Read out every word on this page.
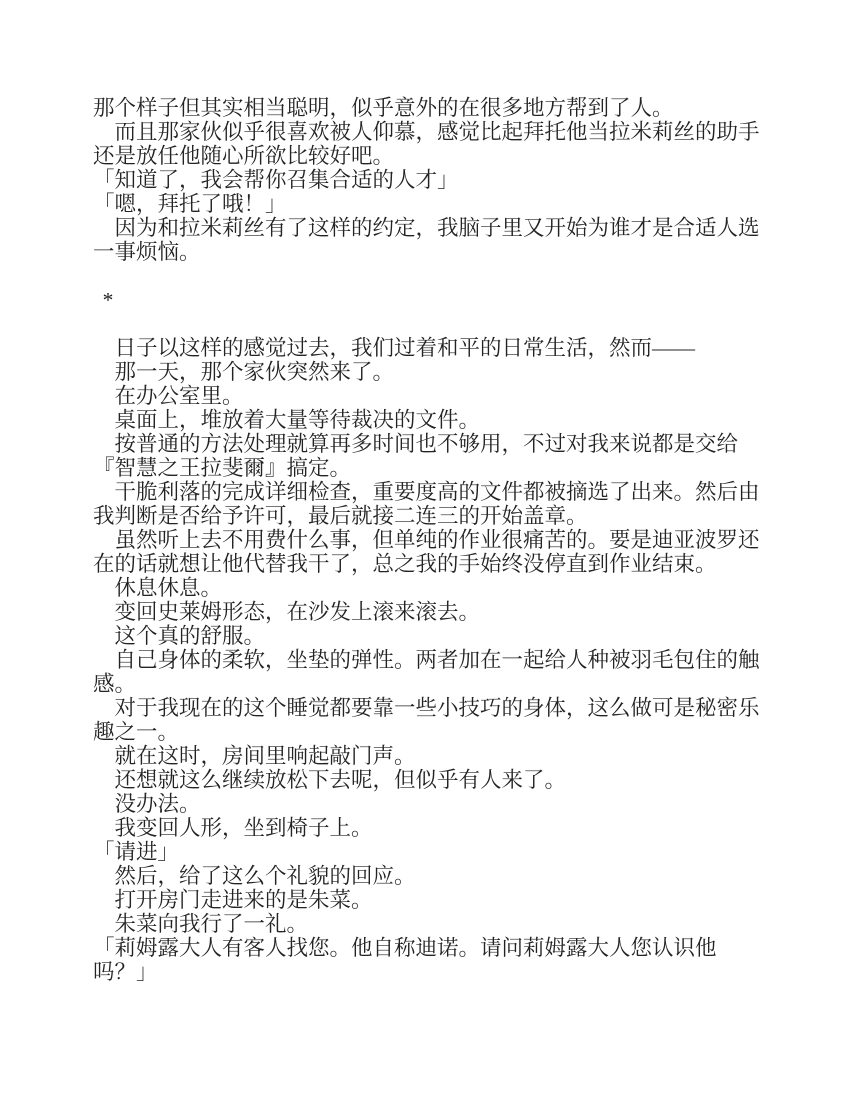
那个样子但其实相当聪明，似乎意外的在很多地方帮到了人。
而且那家伙似乎很喜欢被人仰慕，感觉比起拜托他当拉米莉丝的助手
还是放任他随心所欲比较好吧。
「知道了，我会帮你召集合适的人才」
「嗯，拜托了哦！」
因为和拉米莉丝有了这样的约定，我脑子里又开始为谁才是合适人选
一事烦恼。
*
日子以这样的感觉过去，我们过着和平的日常生活，然而——
那一天，那个家伙突然来了。
在办公室里。
桌面上，堆放着大量等待裁决的文件。
按普通的方法处理就算再多时间也不够用，不过对我来说都是交给
『智慧之王拉斐爾』搞定。
干脆利落的完成详细检查，重要度高的文件都被摘选了出来。然后由
我判断是否给予许可，最后就接二连三的开始盖章。
虽然听上去不用费什么事，但单纯的作业很痛苦的。要是迪亚波罗还
在的话就想让他代替我干了，总之我的手始终没停直到作业结束。
休息休息。
变回史莱姆形态，在沙发上滚来滚去。
这个真的舒服。
自己身体的柔软，坐垫的弹性。两者加在一起给人种被羽毛包住的触
感。
对于我现在的这个睡觉都要靠一些小技巧的身体，这么做可是秘密乐
趣之一。
就在这时，房间里响起敲门声。
还想就这么继续放松下去呢，但似乎有人来了。
没办法。
我变回人形，坐到椅子上。
「请进」
然后，给了这么个礼貌的回应。
打开房门走进来的是朱菜。
朱菜向我行了一礼。
「莉姆露大人有客人找您。他自称迪诺。请问莉姆露大人您认识他
吗？」
